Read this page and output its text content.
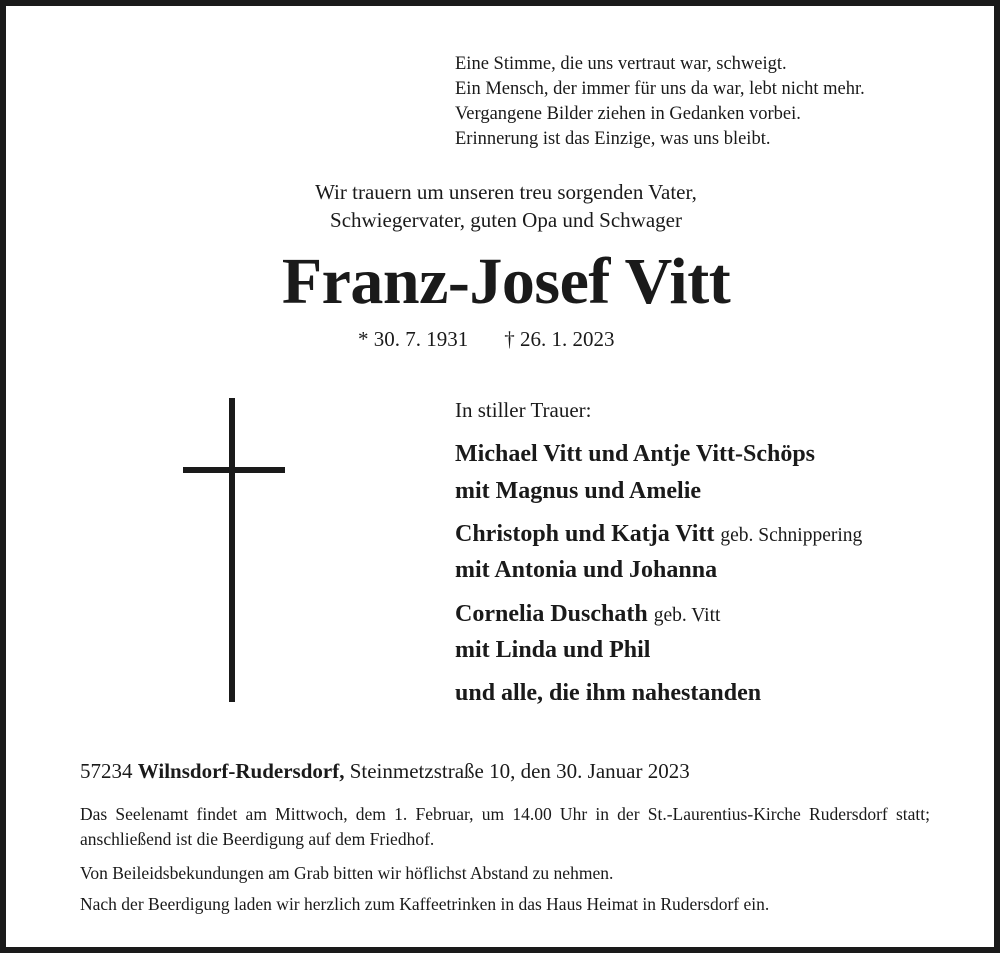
Eine Stimme, die uns vertraut war, schweigt.
Ein Mensch, der immer für uns da war, lebt nicht mehr.
Vergangene Bilder ziehen in Gedanken vorbei.
Erinnerung ist das Einzige, was uns bleibt.
Wir trauern um unseren treu sorgenden Vater,
Schwiegervater, guten Opa und Schwager
Franz-Josef Vitt
* 30. 7. 1931 † 26. 1. 2023
In stiller Trauer:
Michael Vitt und Antje Vitt-Schöps
mit Magnus und Amelie
Christoph und Katja Vitt geb. Schnippering
mit Antonia und Johanna
Cornelia Duschath geb. Vitt
mit Linda und Phil
und alle, die ihm nahestanden
57234 Wilnsdorf-Rudersdorf, Steinmetzstraße 10, den 30. Januar 2023
Das Seelenamt findet am Mittwoch, dem 1. Februar, um 14.00 Uhr in der St.-Laurentius-Kirche Rudersdorf statt; anschließend ist die Beerdigung auf dem Friedhof.
Von Beileidsbekundungen am Grab bitten wir höflichst Abstand zu nehmen.
Nach der Beerdigung laden wir herzlich zum Kaffeetrinken in das Haus Heimat in Rudersdorf ein.
